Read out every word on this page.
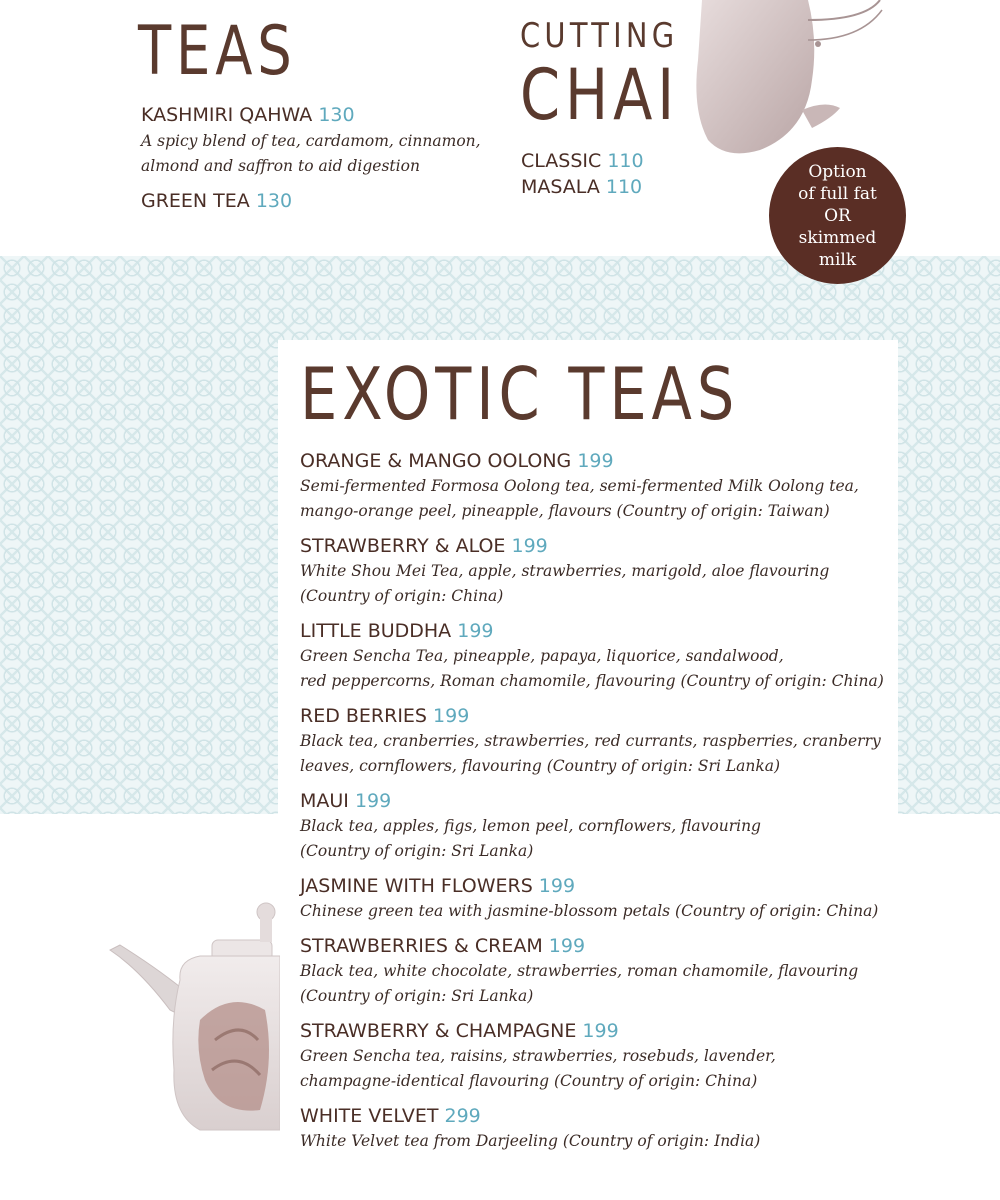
TEAS
KASHMIRI QAHWA 130
A spicy blend of tea, cardamom, cinnamon,
almond and saffron to aid digestion
GREEN TEA 130
CUTTING
CHAI
CLASSIC 110
MASALA 110
Option
of full fat
OR
skimmed
milk
EXOTIC TEAS
ORANGE & MANGO OOLONG 199
Semi-fermented Formosa Oolong tea, semi-fermented Milk Oolong tea,
mango-orange peel, pineapple, flavours (Country of origin: Taiwan)
STRAWBERRY & ALOE 199
White Shou Mei Tea, apple, strawberries, marigold, aloe flavouring
(Country of origin: China)
LITTLE BUDDHA 199
Green Sencha Tea, pineapple, papaya, liquorice, sandalwood,
red peppercorns, Roman chamomile, flavouring (Country of origin: China)
RED BERRIES 199
Black tea, cranberries, strawberries, red currants, raspberries, cranberry
leaves, cornflowers, flavouring (Country of origin: Sri Lanka)
MAUI 199
Black tea, apples, figs, lemon peel, cornflowers, flavouring
(Country of origin: Sri Lanka)
JASMINE WITH FLOWERS 199
Chinese green tea with jasmine-blossom petals (Country of origin: China)
STRAWBERRIES & CREAM 199
Black tea, white chocolate, strawberries, roman chamomile, flavouring
(Country of origin: Sri Lanka)
STRAWBERRY & CHAMPAGNE 199
Green Sencha tea, raisins, strawberries, rosebuds, lavender,
champagne-identical flavouring (Country of origin: China)
WHITE VELVET 299
White Velvet tea from Darjeeling (Country of origin: India)
